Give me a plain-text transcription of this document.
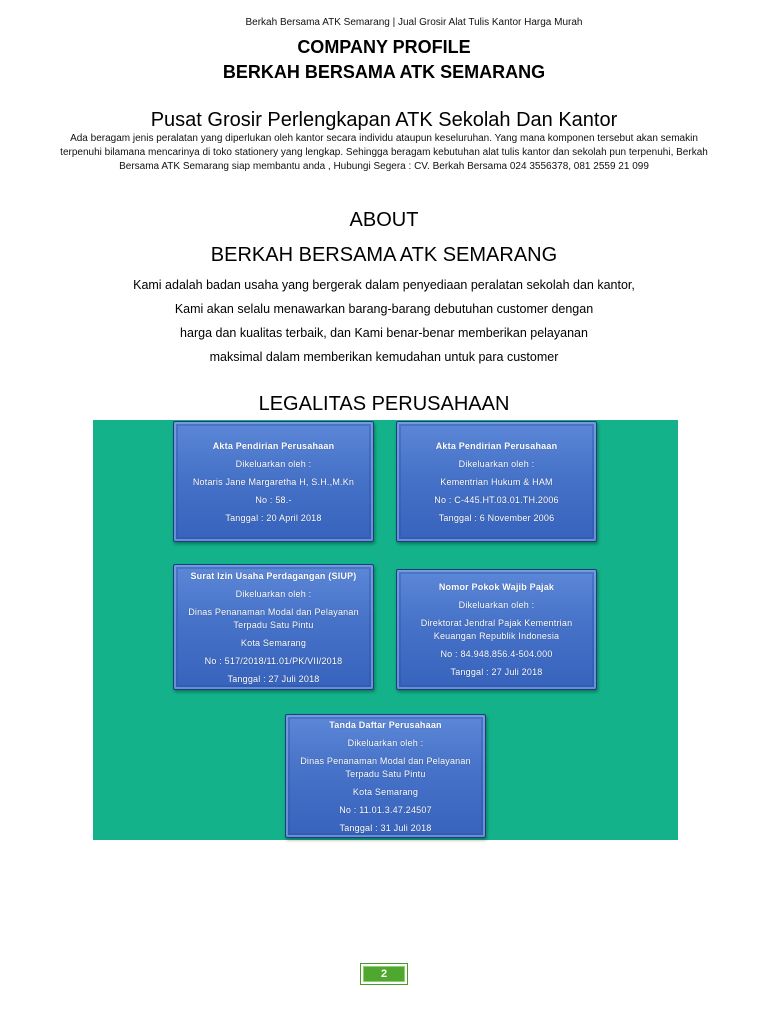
Berkah Bersama ATK Semarang | Jual Grosir Alat Tulis Kantor Harga Murah
COMPANY PROFILE
BERKAH BERSAMA ATK SEMARANG
Pusat Grosir Perlengkapan ATK Sekolah Dan Kantor
Ada beragam jenis peralatan yang diperlukan oleh kantor secara individu ataupun keseluruhan. Yang mana komponen tersebut akan semakin
terpenuhi bilamana mencarinya di toko stationery yang lengkap. Sehingga beragam kebutuhan alat tulis kantor dan sekolah pun terpenuhi, Berkah
Bersama ATK Semarang siap membantu anda , Hubungi Segera : CV. Berkah Bersama 024 3556378, 081 2559 21 099
ABOUT
BERKAH BERSAMA ATK SEMARANG
Kami adalah badan usaha yang bergerak dalam penyediaan peralatan sekolah dan kantor,
Kami akan selalu menawarkan barang-barang debutuhan customer dengan
harga dan kualitas terbaik, dan Kami benar-benar memberikan pelayanan
maksimal dalam memberikan kemudahan untuk para customer
LEGALITAS PERUSAHAAN
Akta Pendirian Perusahaan
Dikeluarkan oleh :
Notaris Jane Margaretha H, S.H.,M.Kn
No : 58.-
Tanggal : 20 April 2018
Akta Pendirian Perusahaan
Dikeluarkan oleh :
Kementrian Hukum & HAM
No : C-445.HT.03.01.TH.2006
Tanggal : 6 November 2006
Surat Izin Usaha Perdagangan (SIUP)
Dikeluarkan oleh :
Dinas Penanaman Modal dan Pelayanan
Terpadu Satu Pintu
Kota Semarang
No : 517/2018/11.01/PK/VII/2018
Tanggal : 27 Juli 2018
Nomor Pokok Wajib Pajak
Dikeluarkan oleh :
Direktorat Jendral Pajak Kementrian
Keuangan Republik Indonesia
No : 84.948.856.4-504.000
Tanggal : 27 Juli 2018
Tanda Daftar Perusahaan
Dikeluarkan oleh :
Dinas Penanaman Modal dan Pelayanan
Terpadu Satu Pintu
Kota Semarang
No : 11.01.3.47.24507
Tanggal : 31 Juli 2018
2
